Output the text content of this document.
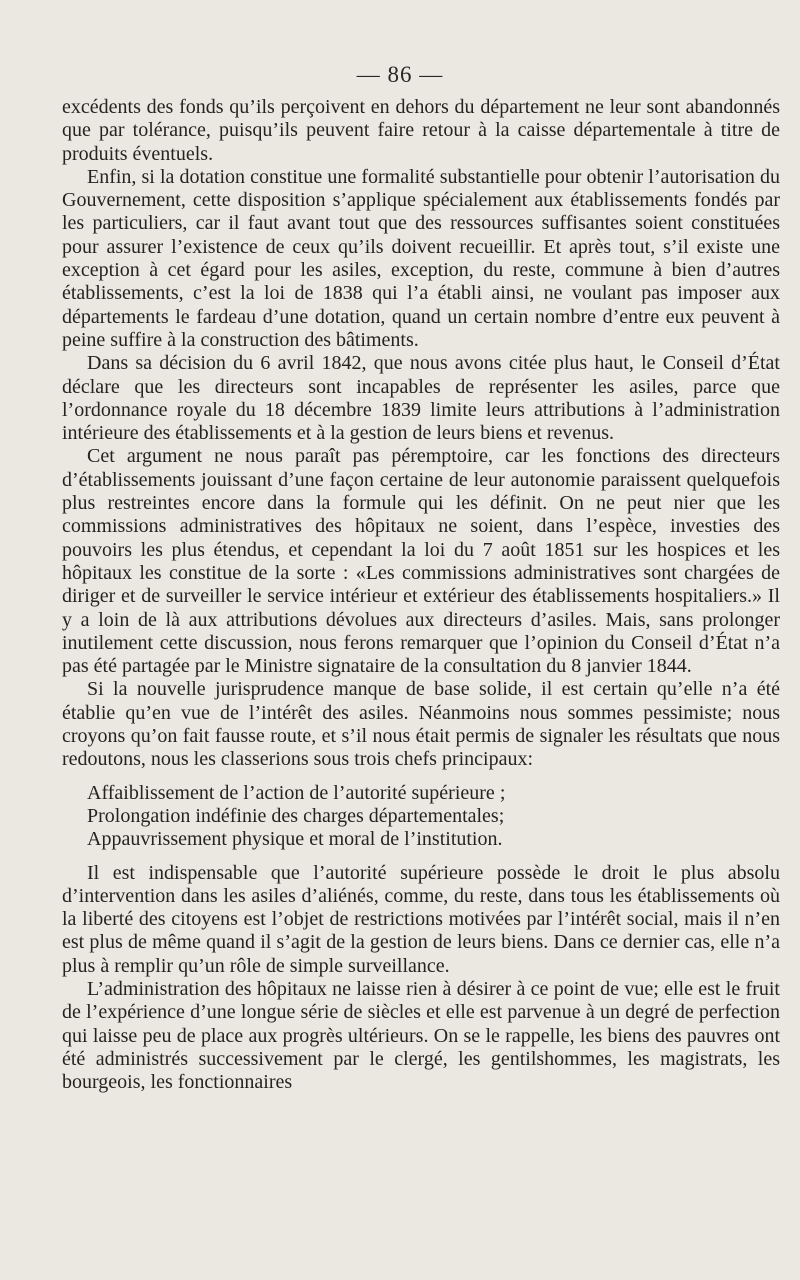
— 86 —

excédents des fonds qu’ils perçoivent en dehors du département ne leur sont abandonnés que par tolérance, puisqu’ils peuvent faire retour à la caisse départementale à titre de produits éventuels.

Enfin, si la dotation constitue une formalité substantielle pour obtenir l’autorisation du Gouvernement, cette disposition s’applique spécialement aux établissements fondés par les particuliers, car il faut avant tout que des ressources suffisantes soient constituées pour assurer l’existence de ceux qu’ils doivent recueillir. Et après tout, s’il existe une exception à cet égard pour les asiles, exception, du reste, commune à bien d’autres établissements, c’est la loi de 1838 qui l’a établi ainsi, ne voulant pas imposer aux départements le fardeau d’une dotation, quand un certain nombre d’entre eux peuvent à peine suffire à la construction des bâtiments.

Dans sa décision du 6 avril 1842, que nous avons citée plus haut, le Conseil d’État déclare que les directeurs sont incapables de représenter les asiles, parce que l’ordonnance royale du 18 décembre 1839 limite leurs attributions à l’administration intérieure des établissements et à la gestion de leurs biens et revenus.

Cet argument ne nous paraît pas péremptoire, car les fonctions des directeurs d’établissements jouissant d’une façon certaine de leur autonomie paraissent quelquefois plus restreintes encore dans la formule qui les définit. On ne peut nier que les commissions administratives des hôpitaux ne soient, dans l’espèce, investies des pouvoirs les plus étendus, et cependant la loi du 7 août 1851 sur les hospices et les hôpitaux les constitue de la sorte : «Les commissions administratives sont chargées de diriger et de surveiller le service intérieur et extérieur des établissements hospitaliers.» Il y a loin de là aux attributions dévolues aux directeurs d’asiles. Mais, sans prolonger inutilement cette discussion, nous ferons remarquer que l’opinion du Conseil d’État n’a pas été partagée par le Ministre signataire de la consultation du 8 janvier 1844.

Si la nouvelle jurisprudence manque de base solide, il est certain qu’elle n’a été établie qu’en vue de l’intérêt des asiles. Néanmoins nous sommes pessimiste; nous croyons qu’on fait fausse route, et s’il nous était permis de signaler les résultats que nous redoutons, nous les classerions sous trois chefs principaux:

Affaiblissement de l’action de l’autorité supérieure ;

Prolongation indéfinie des charges départementales;

Appauvrissement physique et moral de l’institution.

Il est indispensable que l’autorité supérieure possède le droit le plus absolu d’intervention dans les asiles d’aliénés, comme, du reste, dans tous les établissements où la liberté des citoyens est l’objet de restrictions motivées par l’intérêt social, mais il n’en est plus de même quand il s’agit de la gestion de leurs biens. Dans ce dernier cas, elle n’a plus à remplir qu’un rôle de simple surveillance.

L’administration des hôpitaux ne laisse rien à désirer à ce point de vue; elle est le fruit de l’expérience d’une longue série de siècles et elle est parvenue à un degré de perfection qui laisse peu de place aux progrès ultérieurs. On se le rappelle, les biens des pauvres ont été administrés successivement par le clergé, les gentilshommes, les magistrats, les bourgeois, les fonctionnaires
